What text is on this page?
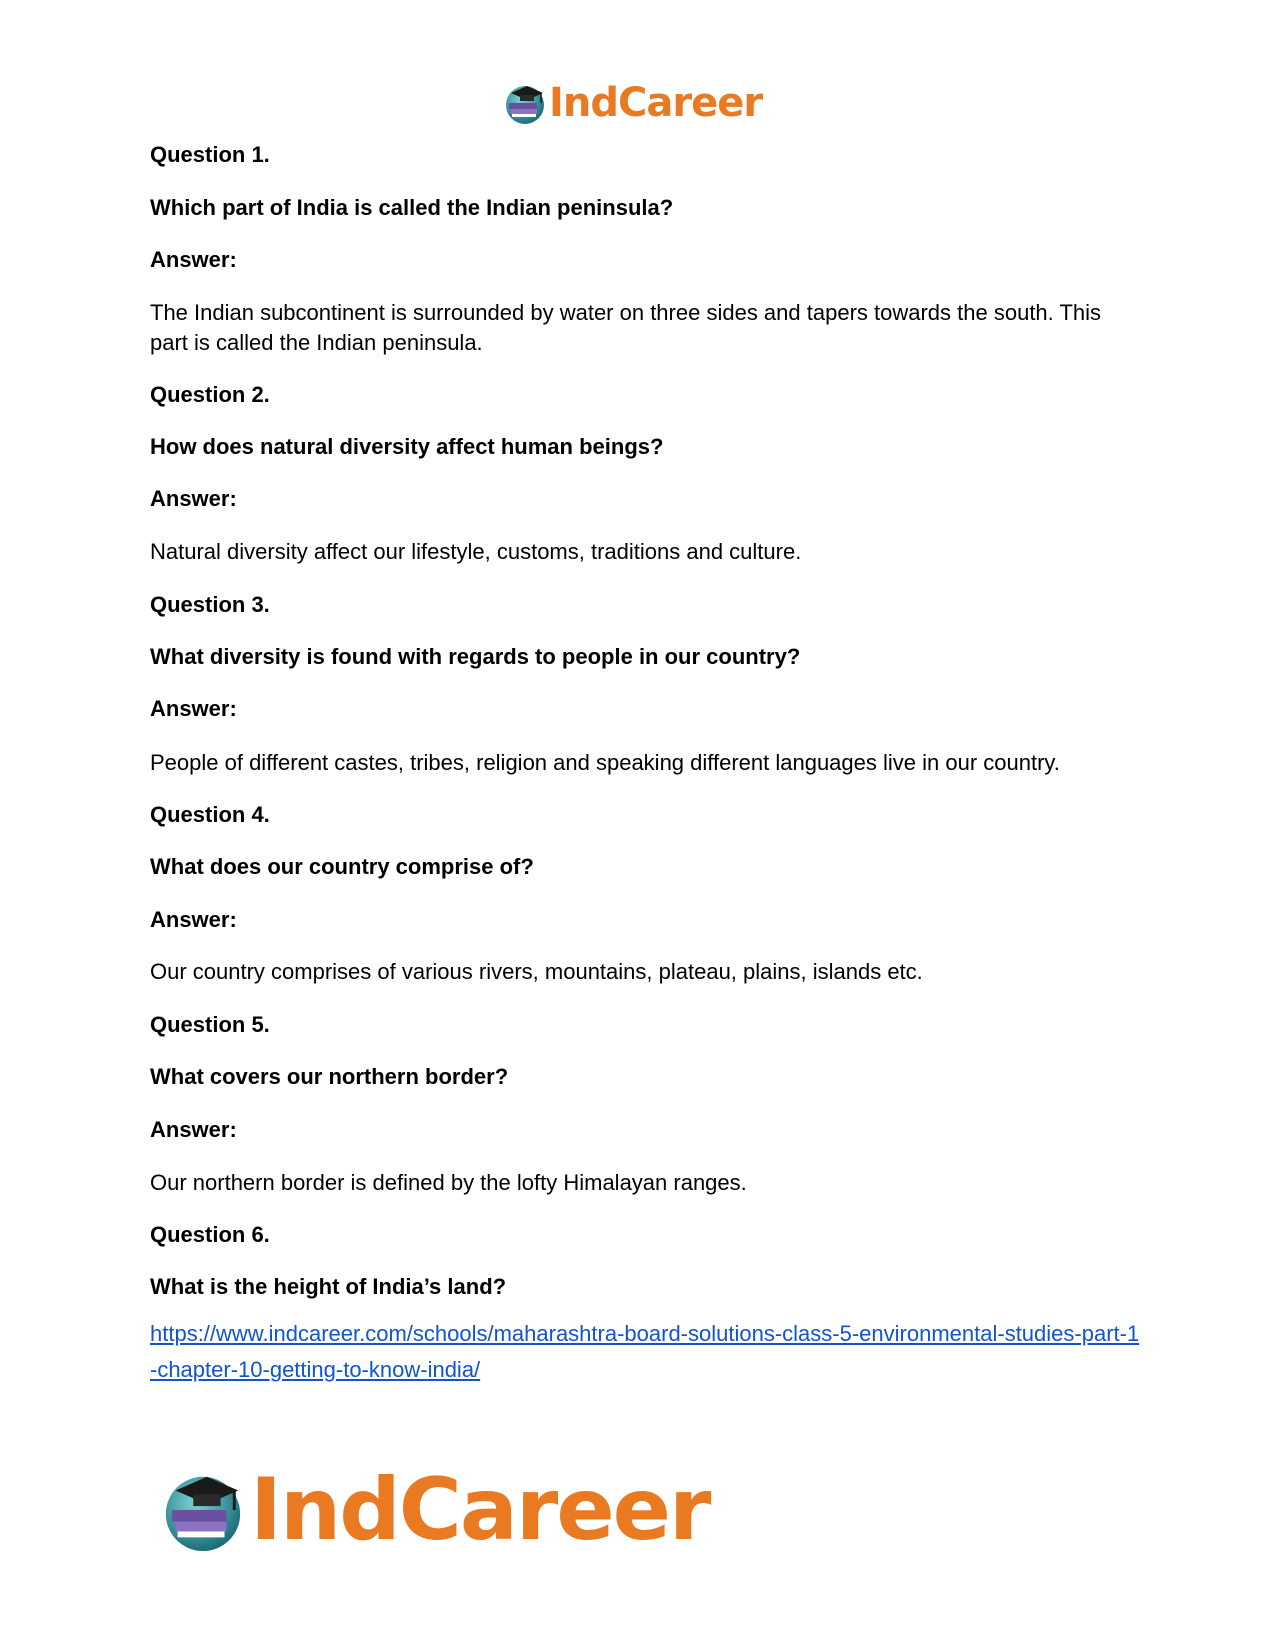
IndCareer
Question 1.
Which part of India is called the Indian peninsula?
Answer:
The Indian subcontinent is surrounded by water on three sides and tapers towards the south. This part is called the Indian peninsula.
Question 2.
How does natural diversity affect human beings?
Answer:
Natural diversity affect our lifestyle, customs, traditions and culture.
Question 3.
What diversity is found with regards to people in our country?
Answer:
People of different castes, tribes, religion and speaking different languages live in our country.
Question 4.
What does our country comprise of?
Answer:
Our country comprises of various rivers, mountains, plateau, plains, islands etc.
Question 5.
What covers our northern border?
Answer:
Our northern border is defined by the lofty Himalayan ranges.
Question 6.
What is the height of India’s land?
https://www.indcareer.com/schools/maharashtra-board-solutions-class-5-environmental-studies-part-1-chapter-10-getting-to-know-india/
IndCareer
